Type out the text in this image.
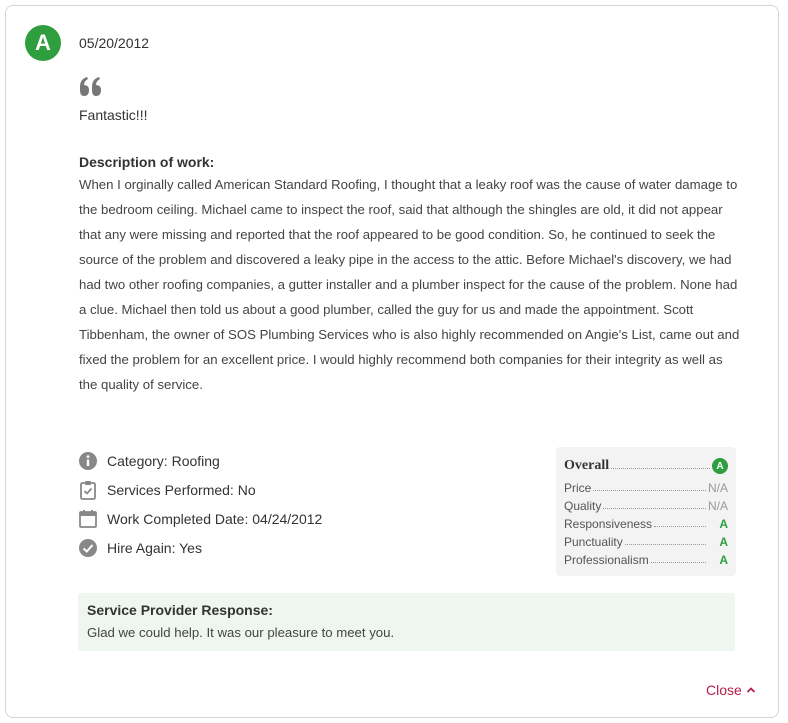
A	05/20/2012
Fantastic!!!
Description of work:
When I orginally called American Standard Roofing, I thought that a leaky roof was the cause of water damage to the bedroom ceiling. Michael came to inspect the roof, said that although the shingles are old, it did not appear that any were missing and reported that the roof appeared to be good condition. So, he continued to seek the source of the problem and discovered a leaky pipe in the access to the attic. Before Michael's discovery, we had had two other roofing companies, a gutter installer and a plumber inspect for the cause of the problem. None had a clue. Michael then told us about a good plumber, called the guy for us and made the appointment. Scott Tibbenham, the owner of SOS Plumbing Services who is also highly recommended on Angie's List, came out and fixed the problem for an excellent price. I would highly recommend both companies for their integrity as well as the quality of service.
Category: Roofing
Services Performed: No
Work Completed Date: 04/24/2012
Hire Again: Yes
Overall	A
Price	N/A
Quality	N/A
Responsiveness	A
Punctuality	A
Professionalism	A
Service Provider Response:
Glad we could help. It was our pleasure to meet you.
Close
